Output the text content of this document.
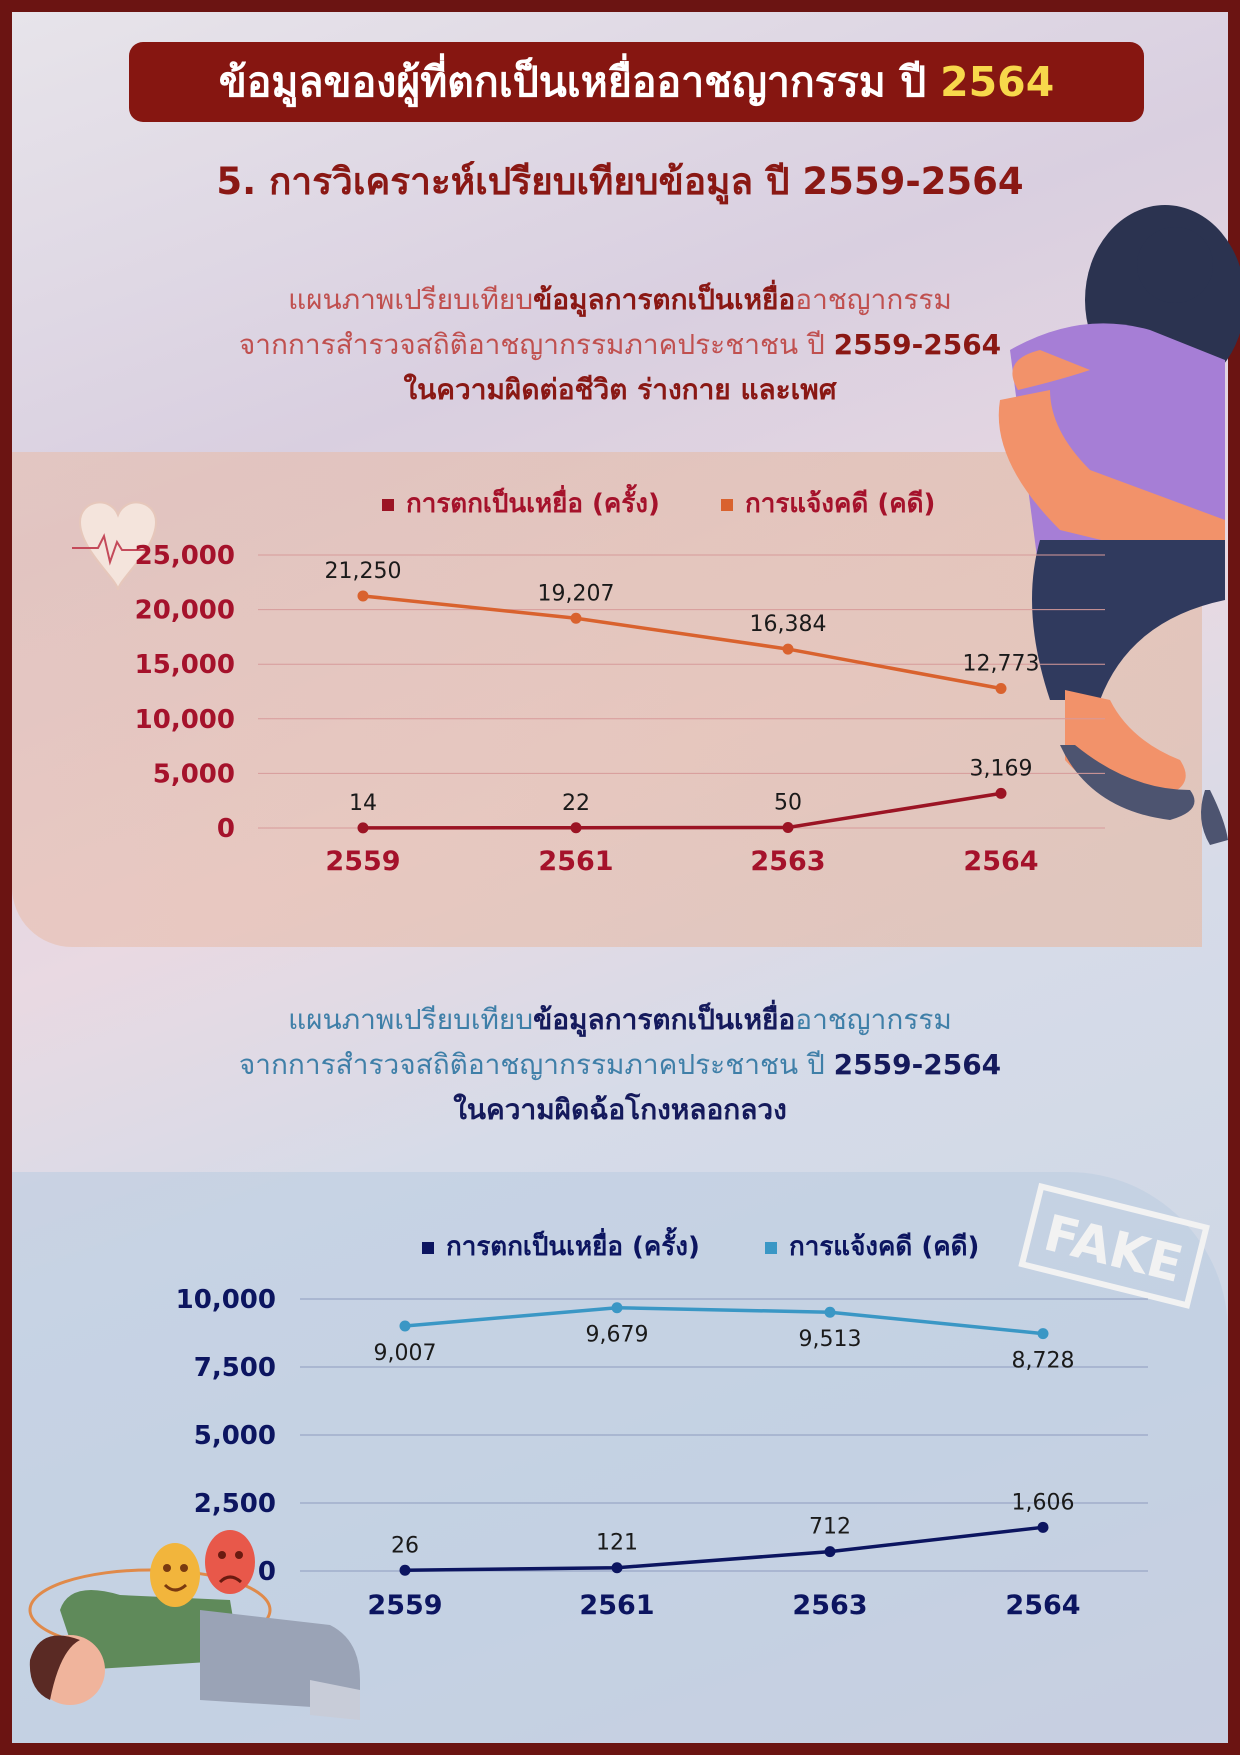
ข้อมูลของผู้ที่ตกเป็นเหยื่ออาชญากรรม ปี 2564
5. การวิเคราะห์เปรียบเทียบข้อมูล ปี 2559-2564
แผนภาพเปรียบเทียบข้อมูลการตกเป็นเหยื่ออาชญากรรม
จากการสำรวจสถิติอาชญากรรมภาคประชาชน ปี 2559-2564
ในความผิดต่อชีวิต ร่างกาย และเพศ
แผนภาพเปรียบเทียบข้อมูลการตกเป็นเหยื่ออาชญากรรม
จากการสำรวจสถิติอาชญากรรมภาคประชาชน ปี 2559-2564
ในความผิดฉ้อโกงหลอกลวง
FAKE
0
5,000
10,000
15,000
20,000
25,000
2559	2561	2563	2564
การตกเป็นเหยื่อ (ครั้ง)	การแจ้งคดี (คดี)
14	22	50
3,169
21,250
19,207
16,384
12,773
0
2,500
5,000
7,500
10,000
2559	2561	2563	2564
การตกเป็นเหยื่อ (ครั้ง)	การแจ้งคดี (คดี)
26	121
712
1,606
9,007
9,679	9,513
8,728
